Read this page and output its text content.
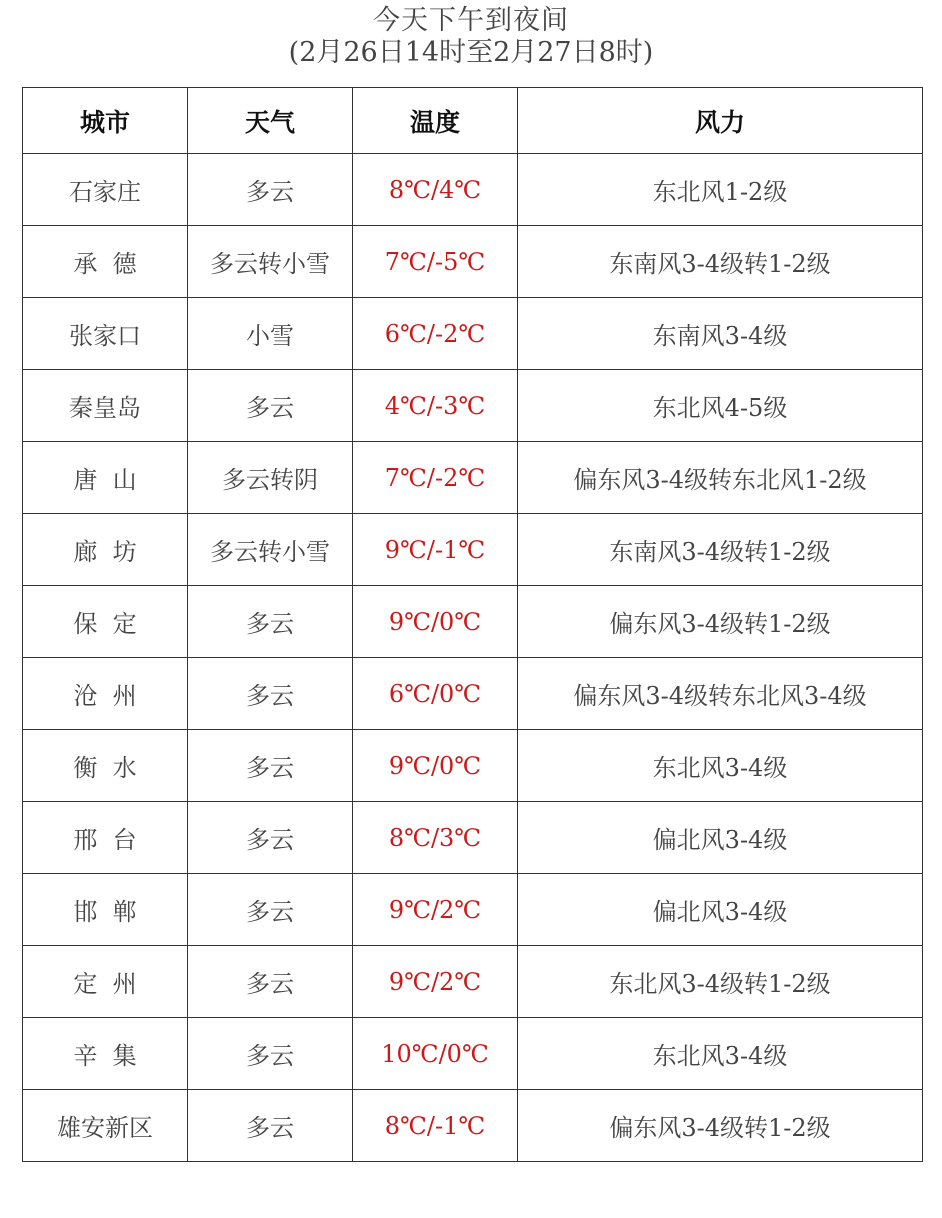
今天下午到夜间
(2月26日14时至2月27日8时)
城市	天气	温度	风力
石家庄	多云	8℃/4℃	东北风1-2级
承  德	多云转小雪	7℃/-5℃	东南风3-4级转1-2级
张家口	小雪	6℃/-2℃	东南风3-4级
秦皇岛	多云	4℃/-3℃	东北风4-5级
唐  山	多云转阴	7℃/-2℃	偏东风3-4级转东北风1-2级
廊  坊	多云转小雪	9℃/-1℃	东南风3-4级转1-2级
保  定	多云	9℃/0℃	偏东风3-4级转1-2级
沧  州	多云	6℃/0℃	偏东风3-4级转东北风3-4级
衡  水	多云	9℃/0℃	东北风3-4级
邢  台	多云	8℃/3℃	偏北风3-4级
邯  郸	多云	9℃/2℃	偏北风3-4级
定  州	多云	9℃/2℃	东北风3-4级转1-2级
辛  集	多云	10℃/0℃	东北风3-4级
雄安新区	多云	8℃/-1℃	偏东风3-4级转1-2级
